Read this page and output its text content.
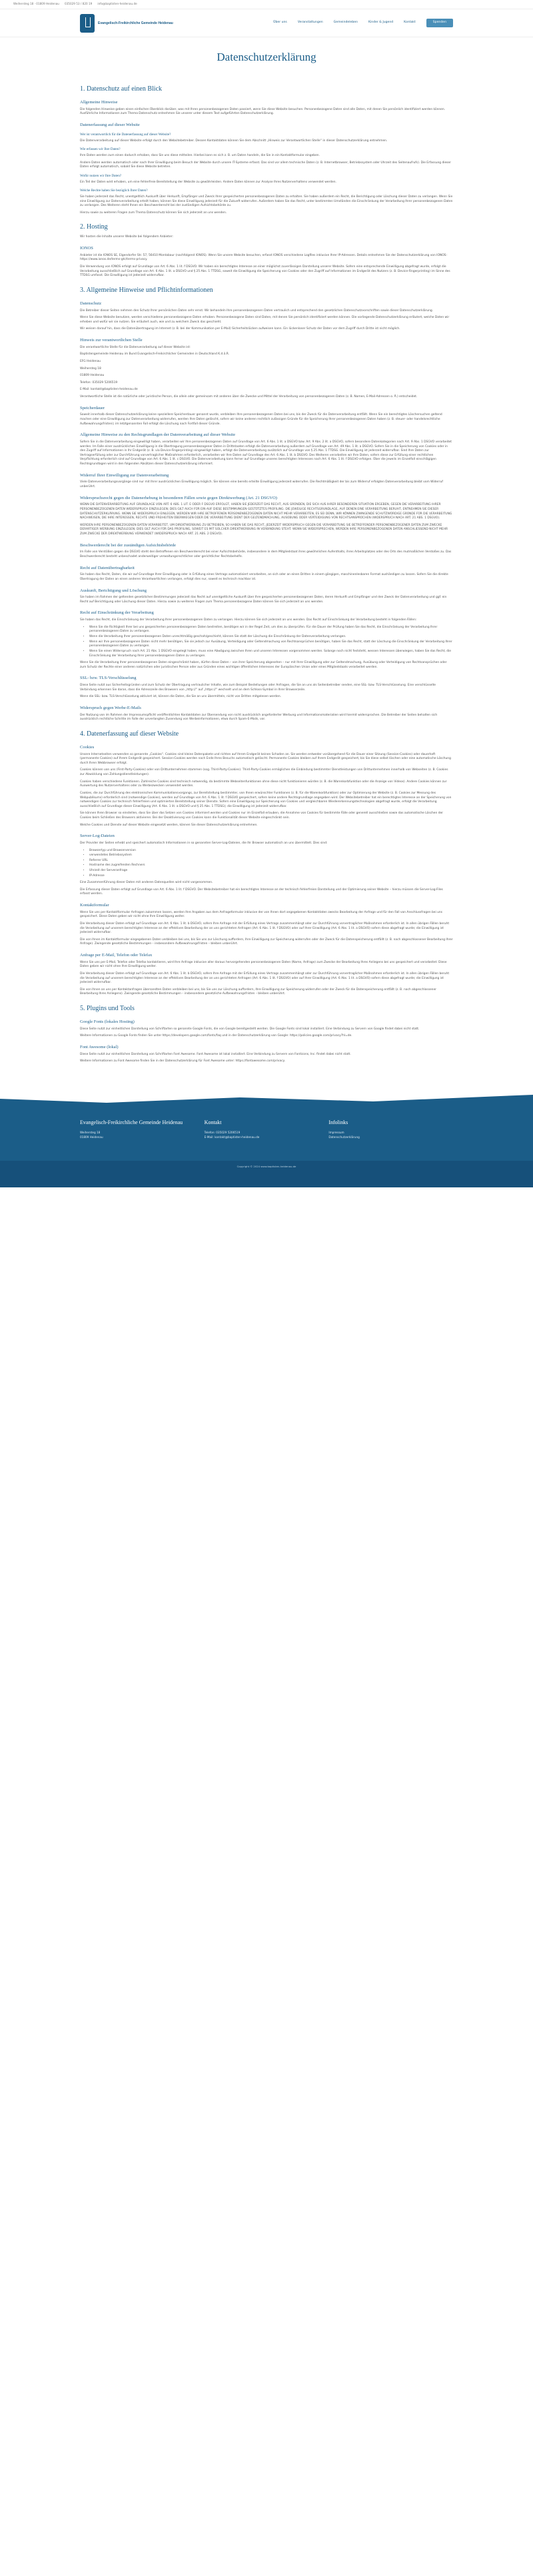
Weihersteg 18 · 01809 Heidenau 035029 53 / 820 19 info@baptisten-heidenau.de
Evangelisch-Freikirchliche Gemeinde Heidenau	Über uns	Veranstaltungen	Gemeindeleben	Kinder & Jugend	Kontakt	Spenden
Datenschutzerklärung
1. Datenschutz auf einen Blick
Allgemeine Hinweise

Die folgenden Hinweise geben einen einfachen Überblick darüber, was mit Ihren personenbezogenen Daten passiert, wenn Sie diese Website besuchen. Personenbezogene Daten sind alle Daten, mit denen Sie persönlich identifiziert werden können. Ausführliche Informationen zum Thema Datenschutz entnehmen Sie unserer unter diesem Text aufgeführten Datenschutzerklärung.

Datenerfassung auf dieser Website
Wer ist verantwortlich für die Datenerfassung auf dieser Website?

Die Datenverarbeitung auf dieser Website erfolgt durch den Websitebetreiber. Dessen Kontaktdaten können Sie dem Abschnitt „Hinweis zur Verantwortlichen Stelle“ in dieser Datenschutzerklärung entnehmen.

Wie erfassen wir Ihre Daten?

Ihre Daten werden zum einen dadurch erhoben, dass Sie uns diese mitteilen. Hierbei kann es sich z. B. um Daten handeln, die Sie in ein Kontaktformular eingeben.

Andere Daten werden automatisch oder nach Ihrer Einwilligung beim Besuch der Website durch unsere IT-Systeme erfasst. Das sind vor allem technische Daten (z. B. Internetbrowser, Betriebssystem oder Uhrzeit des Seitenaufrufs). Die Erfassung dieser Daten erfolgt automatisch, sobald Sie diese Website betreten.

Wofür nutzen wir Ihre Daten?

Ein Teil der Daten wird erhoben, um eine fehlerfreie Bereitstellung der Website zu gewährleisten. Andere Daten können zur Analyse Ihres Nutzerverhaltens verwendet werden.

Welche Rechte haben Sie bezüglich Ihrer Daten?

Sie haben jederzeit das Recht, unentgeltlich Auskunft über Herkunft, Empfänger und Zweck Ihrer gespeicherten personenbezogenen Daten zu erhalten. Sie haben außerdem ein Recht, die Berichtigung oder Löschung dieser Daten zu verlangen. Wenn Sie eine Einwilligung zur Datenverarbeitung erteilt haben, können Sie diese Einwilligung jederzeit für die Zukunft widerrufen. Außerdem haben Sie das Recht, unter bestimmten Umständen die Einschränkung der Verarbeitung Ihrer personenbezogenen Daten zu verlangen. Des Weiteren steht Ihnen ein Beschwerderecht bei der zuständigen Aufsichtsbehörde zu.

Hierzu sowie zu weiteren Fragen zum Thema Datenschutz können Sie sich jederzeit an uns wenden.

2. Hosting

Wir hosten die Inhalte unserer Website bei folgendem Anbieter:

IONOS

Anbieter ist die IONOS SE, Elgendorfer Str. 57, 56410 Montabaur (nachfolgend IONOS). Wenn Sie unsere Website besuchen, erfasst IONOS verschiedene Logfiles inklusive Ihrer IP-Adressen. Details entnehmen Sie der Datenschutzerklärung von IONOS: https://www.ionos.de/terms-gtc/terms-privacy.

Die Verwendung von IONOS erfolgt auf Grundlage von Art. 6 Abs. 1 lit. f DSGVO. Wir haben ein berechtigtes Interesse an einer möglichst zuverlässigen Darstellung unserer Website. Sofern eine entsprechende Einwilligung abgefragt wurde, erfolgt die Verarbeitung ausschließlich auf Grundlage von Art. 6 Abs. 1 lit. a DSGVO und § 25 Abs. 1 TTDSG, soweit die Einwilligung die Speicherung von Cookies oder den Zugriff auf Informationen im Endgerät des Nutzers (z. B. Device-Fingerprinting) im Sinne des TTDSG umfasst. Die Einwilligung ist jederzeit widerrufbar.

3. Allgemeine Hinweise und Pflichtinformationen
Datenschutz

Die Betreiber dieser Seiten nehmen den Schutz Ihrer persönlichen Daten sehr ernst. Wir behandeln Ihre personenbezogenen Daten vertraulich und entsprechend den gesetzlichen Datenschutzvorschriften sowie dieser Datenschutzerklärung.

Wenn Sie diese Website benutzen, werden verschiedene personenbezogene Daten erhoben. Personenbezogene Daten sind Daten, mit denen Sie persönlich identifiziert werden können. Die vorliegende Datenschutzerklärung erläutert, welche Daten wir erheben und wofür wir sie nutzen. Sie erläutert auch, wie und zu welchem Zweck das geschieht.

Wir weisen darauf hin, dass die Datenübertragung im Internet (z. B. bei der Kommunikation per E-Mail) Sicherheitslücken aufweisen kann. Ein lückenloser Schutz der Daten vor dem Zugriff durch Dritte ist nicht möglich.

Hinweis zur verantwortlichen Stelle

Die verantwortliche Stelle für die Datenverarbeitung auf dieser Website ist:

Baptistengemeinde Heidenau im Bund Evangelisch-Freikirchlicher Gemeinden in Deutschland K.d.ö.R.

EFG Heidenau

Weihersteg 18

01809 Heidenau

Telefon: 035029 5206519

E-Mail: kontakt@baptisten-heidenau.de

Verantwortliche Stelle ist die natürliche oder juristische Person, die allein oder gemeinsam mit anderen über die Zwecke und Mittel der Verarbeitung von personenbezogenen Daten (z. B. Namen, E-Mail-Adressen o. Ä.) entscheidet.

Speicherdauer

Soweit innerhalb dieser Datenschutzerklärung keine speziellere Speicherdauer genannt wurde, verbleiben Ihre personenbezogenen Daten bei uns, bis der Zweck für die Datenverarbeitung entfällt. Wenn Sie ein berechtigtes Löschersuchen geltend machen oder eine Einwilligung zur Datenverarbeitung widerrufen, werden Ihre Daten gelöscht, sofern wir keine anderen rechtlich zulässigen Gründe für die Speicherung Ihrer personenbezogenen Daten haben (z. B. steuer- oder handelsrechtliche Aufbewahrungsfristen); im letztgenannten Fall erfolgt die Löschung nach Fortfall dieser Gründe.

Allgemeine Hinweise zu den Rechtsgrundlagen der Datenverarbeitung auf dieser Website

Sofern Sie in die Datenverarbeitung eingewilligt haben, verarbeiten wir Ihre personenbezogenen Daten auf Grundlage von Art. 6 Abs. 1 lit. a DSGVO bzw. Art. 9 Abs. 2 lit. a DSGVO, sofern besondere Datenkategorien nach Art. 9 Abs. 1 DSGVO verarbeitet werden. Im Falle einer ausdrücklichen Einwilligung in die Übertragung personenbezogener Daten in Drittstaaten erfolgt die Datenverarbeitung außerdem auf Grundlage von Art. 49 Abs. 1 lit. a DSGVO. Sofern Sie in die Speicherung von Cookies oder in den Zugriff auf Informationen in Ihr Endgerät (z. B. via Device-Fingerprinting) eingewilligt haben, erfolgt die Datenverarbeitung zusätzlich auf Grundlage von § 25 Abs. 1 TTDSG. Die Einwilligung ist jederzeit widerrufbar. Sind Ihre Daten zur Vertragserfüllung oder zur Durchführung vorvertraglicher Maßnahmen erforderlich, verarbeiten wir Ihre Daten auf Grundlage des Art. 6 Abs. 1 lit. b DSGVO. Des Weiteren verarbeiten wir Ihre Daten, sofern diese zur Erfüllung einer rechtlichen Verpflichtung erforderlich sind auf Grundlage von Art. 6 Abs. 1 lit. c DSGVO. Die Datenverarbeitung kann ferner auf Grundlage unseres berechtigten Interesses nach Art. 6 Abs. 1 lit. f DSGVO erfolgen. Über die jeweils im Einzelfall einschlägigen Rechtsgrundlagen wird in den folgenden Absätzen dieser Datenschutzerklärung informiert.

Widerruf Ihrer Einwilligung zur Datenverarbeitung

Viele Datenverarbeitungsvorgänge sind nur mit Ihrer ausdrücklichen Einwilligung möglich. Sie können eine bereits erteilte Einwilligung jederzeit widerrufen. Die Rechtmäßigkeit der bis zum Widerruf erfolgten Datenverarbeitung bleibt vom Widerruf unberührt.

Widerspruchsrecht gegen die Datenerhebung in besonderen Fällen sowie gegen Direktwerbung (Art. 21 DSGVO)

WENN DIE DATENVERARBEITUNG AUF GRUNDLAGE VON ART. 6 ABS. 1 LIT. E ODER F DSGVO ERFOLGT, HABEN SIE JEDERZEIT DAS RECHT, AUS GRÜNDEN, DIE SICH AUS IHRER BESONDEREN SITUATION ERGEBEN, GEGEN DIE VERARBEITUNG IHRER PERSONENBEZOGENEN DATEN WIDERSPRUCH EINZULEGEN; DIES GILT AUCH FÜR EIN AUF DIESE BESTIMMUNGEN GESTÜTZTES PROFILING. DIE JEWEILIGE RECHTSGRUNDLAGE, AUF DENEN EINE VERARBEITUNG BERUHT, ENTNEHMEN SIE DIESER DATENSCHUTZERKLÄRUNG. WENN SIE WIDERSPRUCH EINLEGEN, WERDEN WIR IHRE BETROFFENEN PERSONENBEZOGENEN DATEN NICHT MEHR VERARBEITEN, ES SEI DENN, WIR KÖNNEN ZWINGENDE SCHUTZWÜRDIGE GRÜNDE FÜR DIE VERARBEITUNG NACHWEISEN, DIE IHRE INTERESSEN, RECHTE UND FREIHEITEN ÜBERWIEGEN ODER DIE VERARBEITUNG DIENT DER GELTENDMACHUNG, AUSÜBUNG ODER VERTEIDIGUNG VON RECHTSANSPRÜCHEN (WIDERSPRUCH NACH ART. 21 ABS. 1 DSGVO).

WERDEN IHRE PERSONENBEZOGENEN DATEN VERARBEITET, UM DIREKTWERBUNG ZU BETREIBEN, SO HABEN SIE DAS RECHT, JEDERZEIT WIDERSPRUCH GEGEN DIE VERARBEITUNG SIE BETREFFENDER PERSONENBEZOGENER DATEN ZUM ZWECKE DERARTIGER WERBUNG EINZULEGEN; DIES GILT AUCH FÜR DAS PROFILING, SOWEIT ES MIT SOLCHER DIREKTWERBUNG IN VERBINDUNG STEHT. WENN SIE WIDERSPRECHEN, WERDEN IHRE PERSONENBEZOGENEN DATEN ANSCHLIESSEND NICHT MEHR ZUM ZWECKE DER DIREKTWERBUNG VERWENDET (WIDERSPRUCH NACH ART. 21 ABS. 2 DSGVO).

Beschwerderecht bei der zuständigen Aufsichtsbehörde

Im Falle von Verstößen gegen die DSGVO steht den Betroffenen ein Beschwerderecht bei einer Aufsichtsbehörde, insbesondere in dem Mitgliedstaat ihres gewöhnlichen Aufenthalts, ihres Arbeitsplatzes oder des Orts des mutmaßlichen Verstoßes zu. Das Beschwerderecht besteht unbeschadet anderweitiger verwaltungsrechtlicher oder gerichtlicher Rechtsbehelfe.

Recht auf Datenübertragbarkeit

Sie haben das Recht, Daten, die wir auf Grundlage Ihrer Einwilligung oder in Erfüllung eines Vertrags automatisiert verarbeiten, an sich oder an einen Dritten in einem gängigen, maschinenlesbaren Format aushändigen zu lassen. Sofern Sie die direkte Übertragung der Daten an einen anderen Verantwortlichen verlangen, erfolgt dies nur, soweit es technisch machbar ist.

Auskunft, Berichtigung und Löschung

Sie haben im Rahmen der geltenden gesetzlichen Bestimmungen jederzeit das Recht auf unentgeltliche Auskunft über Ihre gespeicherten personenbezogenen Daten, deren Herkunft und Empfänger und den Zweck der Datenverarbeitung und ggf. ein Recht auf Berichtigung oder Löschung dieser Daten. Hierzu sowie zu weiteren Fragen zum Thema personenbezogene Daten können Sie sich jederzeit an uns wenden.

Recht auf Einschränkung der Verarbeitung

Sie haben das Recht, die Einschränkung der Verarbeitung Ihrer personenbezogenen Daten zu verlangen. Hierzu können Sie sich jederzeit an uns wenden. Das Recht auf Einschränkung der Verarbeitung besteht in folgenden Fällen:

• Wenn Sie die Richtigkeit Ihrer bei uns gespeicherten personenbezogenen Daten bestreiten, benötigen wir in der Regel Zeit, um dies zu überprüfen. Für die Dauer der Prüfung haben Sie das Recht, die Einschränkung der Verarbeitung Ihrer personenbezogenen Daten zu verlangen.
• Wenn die Verarbeitung Ihrer personenbezogenen Daten unrechtmäßig geschah/geschieht, können Sie statt der Löschung die Einschränkung der Datenverarbeitung verlangen.
• Wenn wir Ihre personenbezogenen Daten nicht mehr benötigen, Sie sie jedoch zur Ausübung, Verteidigung oder Geltendmachung von Rechtsansprüchen benötigen, haben Sie das Recht, statt der Löschung die Einschränkung der Verarbeitung Ihrer personenbezogenen Daten zu verlangen.
• Wenn Sie einen Widerspruch nach Art. 21 Abs. 1 DSGVO eingelegt haben, muss eine Abwägung zwischen Ihren und unseren Interessen vorgenommen werden. Solange noch nicht feststeht, wessen Interessen überwiegen, haben Sie das Recht, die Einschränkung der Verarbeitung Ihrer personenbezogenen Daten zu verlangen.

Wenn Sie die Verarbeitung Ihrer personenbezogenen Daten eingeschränkt haben, dürfen diese Daten – von ihrer Speicherung abgesehen – nur mit Ihrer Einwilligung oder zur Geltendmachung, Ausübung oder Verteidigung von Rechtsansprüchen oder zum Schutz der Rechte einer anderen natürlichen oder juristischen Person oder aus Gründen eines wichtigen öffentlichen Interesses der Europäischen Union oder eines Mitgliedstaats verarbeitet werden.

SSL- bzw. TLS-Verschlüsselung

Diese Seite nutzt aus Sicherheitsgründen und zum Schutz der Übertragung vertraulicher Inhalte, wie zum Beispiel Bestellungen oder Anfragen, die Sie an uns als Seitenbetreiber senden, eine SSL- bzw. TLS-Verschlüsselung. Eine verschlüsselte Verbindung erkennen Sie daran, dass die Adresszeile des Browsers von „http://“ auf „https://“ wechselt und an dem Schloss-Symbol in Ihrer Browserzeile.

Wenn die SSL- bzw. TLS-Verschlüsselung aktiviert ist, können die Daten, die Sie an uns übermitteln, nicht von Dritten mitgelesen werden.

Widerspruch gegen Werbe-E-Mails

Der Nutzung von im Rahmen der Impressumspflicht veröffentlichten Kontaktdaten zur Übersendung von nicht ausdrücklich angeforderter Werbung und Informationsmaterialien wird hiermit widersprochen. Die Betreiber der Seiten behalten sich ausdrücklich rechtliche Schritte im Falle der unverlangten Zusendung von Werbeinformationen, etwa durch Spam-E-Mails, vor.

4. Datenerfassung auf dieser Website
Cookies

Unsere Internetseiten verwenden so genannte „Cookies“. Cookies sind kleine Datenpakete und richten auf Ihrem Endgerät keinen Schaden an. Sie werden entweder vorübergehend für die Dauer einer Sitzung (Session-Cookies) oder dauerhaft (permanente Cookies) auf Ihrem Endgerät gespeichert. Session-Cookies werden nach Ende Ihres Besuchs automatisch gelöscht. Permanente Cookies bleiben auf Ihrem Endgerät gespeichert, bis Sie diese selbst löschen oder eine automatische Löschung durch Ihren Webbrowser erfolgt.

Cookies können von uns (First-Party-Cookies) oder von Drittunternehmen stammen (sog. Third-Party-Cookies). Third-Party-Cookies ermöglichen die Einbindung bestimmter Dienstleistungen von Drittunternehmen innerhalb von Webseiten (z. B. Cookies zur Abwicklung von Zahlungsdienstleistungen).

Cookies haben verschiedene Funktionen. Zahlreiche Cookies sind technisch notwendig, da bestimmte Webseitenfunktionen ohne diese nicht funktionieren würden (z. B. die Warenkorbfunktion oder die Anzeige von Videos). Andere Cookies können zur Auswertung des Nutzerverhaltens oder zu Werbezwecken verwendet werden.

Cookies, die zur Durchführung des elektronischen Kommunikationsvorgangs, zur Bereitstellung bestimmter, von Ihnen erwünschter Funktionen (z. B. für die Warenkorbfunktion) oder zur Optimierung der Website (z. B. Cookies zur Messung des Webpublikums) erforderlich sind (notwendige Cookies), werden auf Grundlage von Art. 6 Abs. 1 lit. f DSGVO gespeichert, sofern keine andere Rechtsgrundlage angegeben wird. Der Websitebetreiber hat ein berechtigtes Interesse an der Speicherung von notwendigen Cookies zur technisch fehlerfreien und optimierten Bereitstellung seiner Dienste. Sofern eine Einwilligung zur Speicherung von Cookies und vergleichbaren Wiedererkennungstechnologien abgefragt wurde, erfolgt die Verarbeitung ausschließlich auf Grundlage dieser Einwilligung (Art. 6 Abs. 1 lit. a DSGVO und § 25 Abs. 1 TTDSG); die Einwilligung ist jederzeit widerrufbar.

Sie können Ihren Browser so einstellen, dass Sie über das Setzen von Cookies informiert werden und Cookies nur im Einzelfall erlauben, die Annahme von Cookies für bestimmte Fälle oder generell ausschließen sowie das automatische Löschen der Cookies beim Schließen des Browsers aktivieren. Bei der Deaktivierung von Cookies kann die Funktionalität dieser Website eingeschränkt sein.

Welche Cookies und Dienste auf dieser Website eingesetzt werden, können Sie dieser Datenschutzerklärung entnehmen.

Server-Log-Dateien

Der Provider der Seiten erhebt und speichert automatisch Informationen in so genannten Server-Log-Dateien, die Ihr Browser automatisch an uns übermittelt. Dies sind:

• Browsertyp und Browserversion
• verwendetes Betriebssystem
• Referrer URL
• Hostname des zugreifenden Rechners
• Uhrzeit der Serveranfrage
• IP-Adresse

Eine Zusammenführung dieser Daten mit anderen Datenquellen wird nicht vorgenommen.

Die Erfassung dieser Daten erfolgt auf Grundlage von Art. 6 Abs. 1 lit. f DSGVO. Der Websitebetreiber hat ein berechtigtes Interesse an der technisch fehlerfreien Darstellung und der Optimierung seiner Website – hierzu müssen die Server-Log-Files erfasst werden.

Kontaktformular

Wenn Sie uns per Kontaktformular Anfragen zukommen lassen, werden Ihre Angaben aus dem Anfrageformular inklusive der von Ihnen dort angegebenen Kontaktdaten zwecks Bearbeitung der Anfrage und für den Fall von Anschlussfragen bei uns gespeichert. Diese Daten geben wir nicht ohne Ihre Einwilligung weiter.

Die Verarbeitung dieser Daten erfolgt auf Grundlage von Art. 6 Abs. 1 lit. b DSGVO, sofern Ihre Anfrage mit der Erfüllung eines Vertrags zusammenhängt oder zur Durchführung vorvertraglicher Maßnahmen erforderlich ist. In allen übrigen Fällen beruht die Verarbeitung auf unserem berechtigten Interesse an der effektiven Bearbeitung der an uns gerichteten Anfragen (Art. 6 Abs. 1 lit. f DSGVO) oder auf Ihrer Einwilligung (Art. 6 Abs. 1 lit. a DSGVO) sofern diese abgefragt wurde; die Einwilligung ist jederzeit widerrufbar.

Die von Ihnen im Kontaktformular eingegebenen Daten verbleiben bei uns, bis Sie uns zur Löschung auffordern, Ihre Einwilligung zur Speicherung widerrufen oder der Zweck für die Datenspeicherung entfällt (z. B. nach abgeschlossener Bearbeitung Ihrer Anfrage). Zwingende gesetzliche Bestimmungen – insbesondere Aufbewahrungsfristen – bleiben unberührt.

Anfrage per E-Mail, Telefon oder Telefax

Wenn Sie uns per E-Mail, Telefon oder Telefax kontaktieren, wird Ihre Anfrage inklusive aller daraus hervorgehenden personenbezogenen Daten (Name, Anfrage) zum Zwecke der Bearbeitung Ihres Anliegens bei uns gespeichert und verarbeitet. Diese Daten geben wir nicht ohne Ihre Einwilligung weiter.

Die Verarbeitung dieser Daten erfolgt auf Grundlage von Art. 6 Abs. 1 lit. b DSGVO, sofern Ihre Anfrage mit der Erfüllung eines Vertrags zusammenhängt oder zur Durchführung vorvertraglicher Maßnahmen erforderlich ist. In allen übrigen Fällen beruht die Verarbeitung auf unserem berechtigten Interesse an der effektiven Bearbeitung der an uns gerichteten Anfragen (Art. 6 Abs. 1 lit. f DSGVO) oder auf Ihrer Einwilligung (Art. 6 Abs. 1 lit. a DSGVO) sofern diese abgefragt wurde; die Einwilligung ist jederzeit widerrufbar.

Die von Ihnen an uns per Kontaktanfragen übersandten Daten verbleiben bei uns, bis Sie uns zur Löschung auffordern, Ihre Einwilligung zur Speicherung widerrufen oder der Zweck für die Datenspeicherung entfällt (z. B. nach abgeschlossener Bearbeitung Ihres Anliegens). Zwingende gesetzliche Bestimmungen – insbesondere gesetzliche Aufbewahrungsfristen – bleiben unberührt.

5. Plugins und Tools
Google Fonts (lokales Hosting)

Diese Seite nutzt zur einheitlichen Darstellung von Schriftarten so genannte Google Fonts, die von Google bereitgestellt werden. Die Google Fonts sind lokal installiert. Eine Verbindung zu Servern von Google findet dabei nicht statt.

Weitere Informationen zu Google Fonts finden Sie unter https://developers.google.com/fonts/faq und in der Datenschutzerklärung von Google: https://policies.google.com/privacy?hl=de.

Font Awesome (lokal)

Diese Seite nutzt zur einheitlichen Darstellung von Schriftarten Font Awesome. Font Awesome ist lokal installiert. Eine Verbindung zu Servern von Fonticons, Inc. findet dabei nicht statt.

Weitere Informationen zu Font Awesome finden Sie in der Datenschutzerklärung für Font Awesome unter: https://fontawesome.com/privacy.

Evangelisch-Freikirchliche Gemeinde Heidenau

Weihersteg 18

01809 Heidenau

Kontakt

Telefon: 035029 5206519

E-Mail: kontakt@baptisten-heidenau.de

Infolinks

Impressum

Datenschutzerklärung

Copyright © 2024 www.baptisten-heidenau.de
